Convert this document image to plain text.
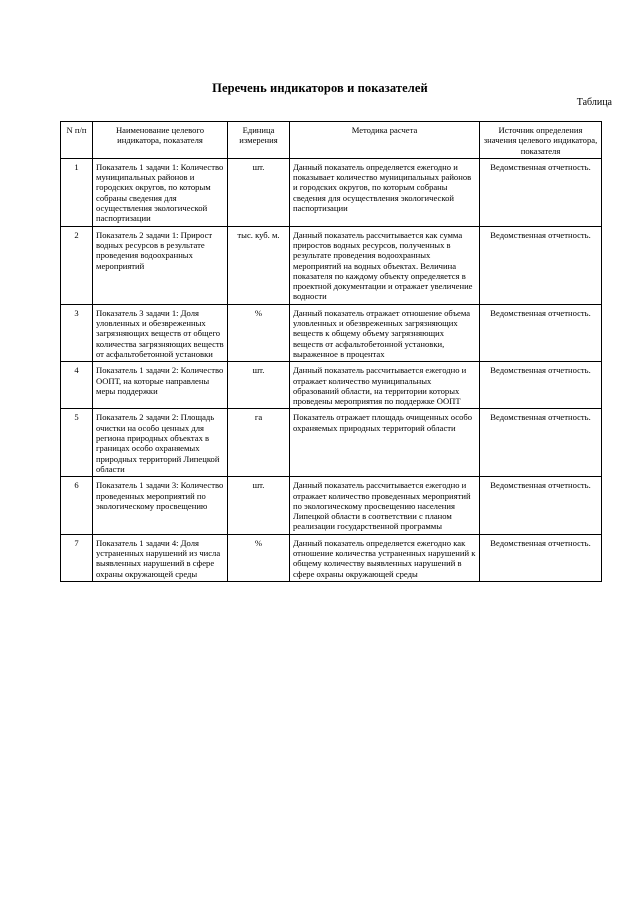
Перечень индикаторов и показателей
Таблица
N п/п	Наименование целевого индикатора, показателя	Единица измерения	Методика расчета	Источник определения значения целевого индикатора, показателя
1	Показатель 1 задачи 1: Количество муниципальных районов и городских округов, по которым собраны сведения для осуществления экологической паспортизации	шт.	Данный показатель определяется ежегодно и показывает количество муниципальных районов и городских округов, по которым собраны сведения для осуществления экологической паспортизации	Ведомственная отчетность.
2	Показатель 2 задачи 1: Прирост водных ресурсов в результате проведения водоохранных мероприятий	тыс. куб. м.	Данный показатель рассчитывается как сумма приростов водных ресурсов, полученных в результате проведения водоохранных мероприятий на водных объектах. Величина показателя по каждому объекту определяется в проектной документации и отражает увеличение водности	Ведомственная отчетность.
3	Показатель 3 задачи 1: Доля уловленных и обезвреженных загрязняющих веществ от общего количества загрязняющих веществ от асфальтобетонной установки	%	Данный показатель отражает отношение объема уловленных и обезвреженных загрязняющих веществ к общему объему загрязняющих веществ от асфальтобетонной установки, выраженное в процентах	Ведомственная отчетность.
4	Показатель 1 задачи 2: Количество ООПТ, на которые направлены меры поддержки	шт.	Данный показатель рассчитывается ежегодно и отражает количество муниципальных образований области, на территории которых проведены мероприятия по поддержке ООПТ	Ведомственная отчетность.
5	Показатель 2 задачи 2: Площадь очистки на особо ценных для региона природных объектах в границах особо охраняемых природных территорий Липецкой области	га	Показатель отражает площадь очищенных особо охраняемых природных территорий области	Ведомственная отчетность.
6	Показатель 1 задачи 3: Количество проведенных мероприятий по экологическому просвещению	шт.	Данный показатель рассчитывается ежегодно и отражает количество проведенных мероприятий по экологическому просвещению населения Липецкой области в соответствии с планом реализации государственной программы	Ведомственная отчетность.
7	Показатель 1 задачи 4: Доля устраненных нарушений из числа выявленных нарушений в сфере охраны окружающей среды	%	Данный показатель определяется ежегодно как отношение количества устраненных нарушений к общему количеству выявленных нарушений в сфере охраны окружающей среды	Ведомственная отчетность.
